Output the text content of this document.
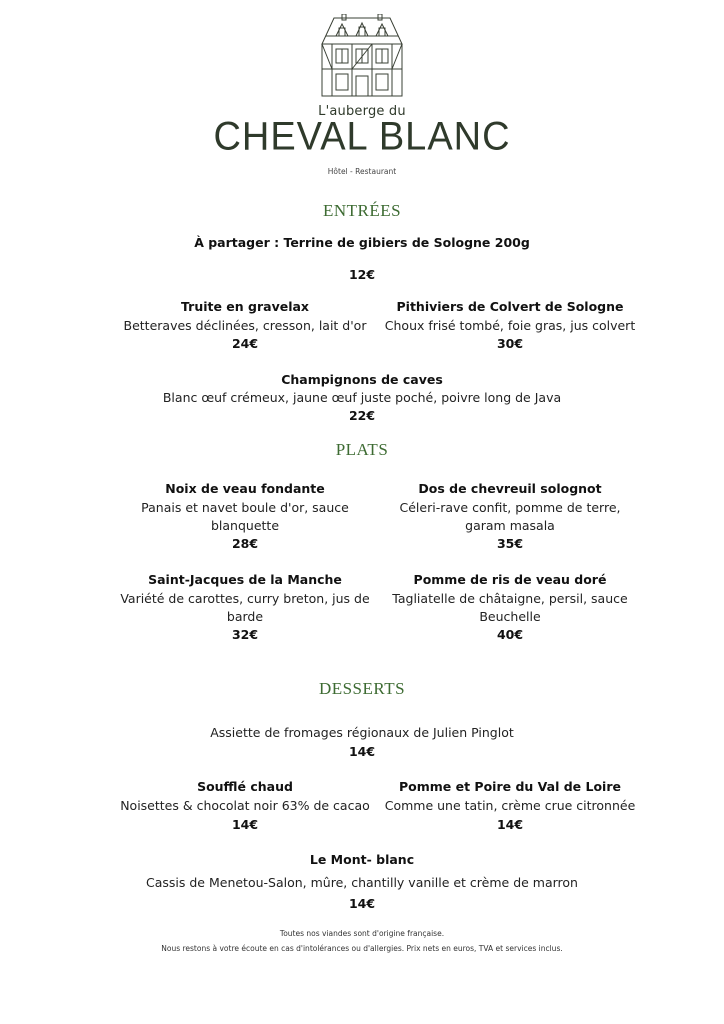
L'auberge du
CHEVAL BLANC
Hôtel - Restaurant
ENTRÉES
À partager : Terrine de gibiers de Sologne 200g
12€
Truite en gravelax
Betteraves déclinées, cresson, lait d'or
24€
Pithiviers de Colvert de Sologne
Choux frisé tombé, foie gras, jus colvert
30€
Champignons de caves
Blanc œuf crémeux, jaune œuf juste poché, poivre long de Java
22€
PLATS
Noix de veau fondante
Panais et navet boule d'or, sauce
blanquette
28€
Dos de chevreuil solognot
Céleri-rave confit, pomme de terre,
garam masala
35€
Saint-Jacques de la Manche
Variété de carottes, curry breton, jus de
barde
32€
Pomme de ris de veau doré
Tagliatelle de châtaigne, persil, sauce
Beuchelle
40€
DESSERTS
Assiette de fromages régionaux de Julien Pinglot
14€
Soufflé chaud
Noisettes & chocolat noir 63% de cacao
14€
Pomme et Poire du Val de Loire
Comme une tatin, crème crue citronnée
14€
Le Mont- blanc
Cassis de Menetou-Salon, mûre, chantilly vanille et crème de marron
14€
Toutes nos viandes sont d'origine française.
Nous restons à votre écoute en cas d'intolérances ou d'allergies. Prix nets en euros, TVA et services inclus.
